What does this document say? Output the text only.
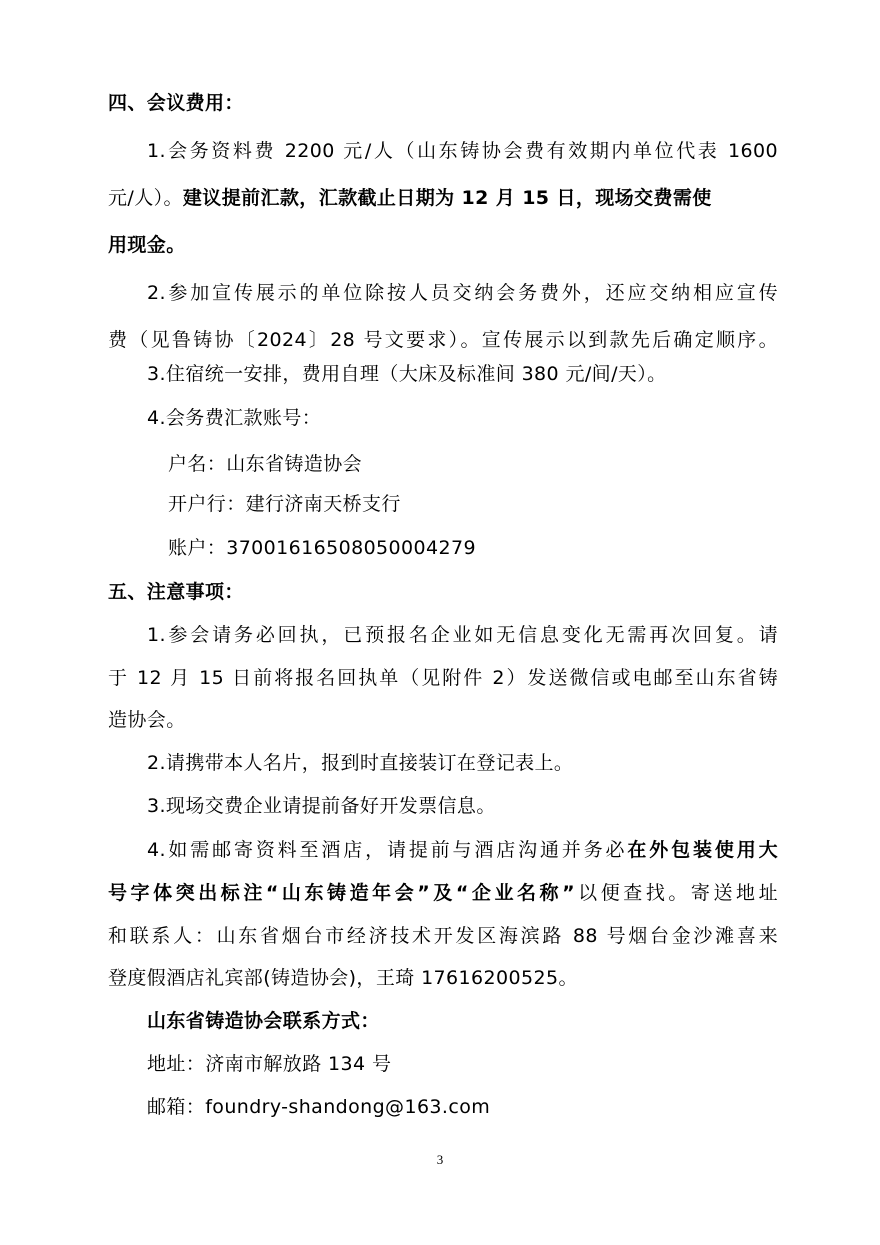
四、会议费用：
1.会务资料费 2200 元/人（山东铸协会费有效期内单位代表 1600
元/人）。建议提前汇款，汇款截止日期为 12 月 15 日，现场交费需使
用现金。
2.参加宣传展示的单位除按人员交纳会务费外，还应交纳相应宣传
费（见鲁铸协〔2024〕28 号文要求）。宣传展示以到款先后确定顺序。
3.住宿统一安排，费用自理（大床及标准间 380 元/间/天）。
4.会务费汇款账号：
户名：山东省铸造协会
开户行：建行济南天桥支行
账户：37001616508050004279
五、注意事项：
1.参会请务必回执，已预报名企业如无信息变化无需再次回复。请
于 12 月 15 日前将报名回执单（见附件 2）发送微信或电邮至山东省铸
造协会。
2.请携带本人名片，报到时直接装订在登记表上。
3.现场交费企业请提前备好开发票信息。
4.如需邮寄资料至酒店，请提前与酒店沟通并务必在外包装使用大
号字体突出标注“山东铸造年会”及“企业名称”以便查找。寄送地址
和联系人：山东省烟台市经济技术开发区海滨路 88 号烟台金沙滩喜来
登度假酒店礼宾部(铸造协会)，王琦 17616200525。
山东省铸造协会联系方式：
地址：济南市解放路 134 号
邮箱：foundry-shandong@163.com
3
